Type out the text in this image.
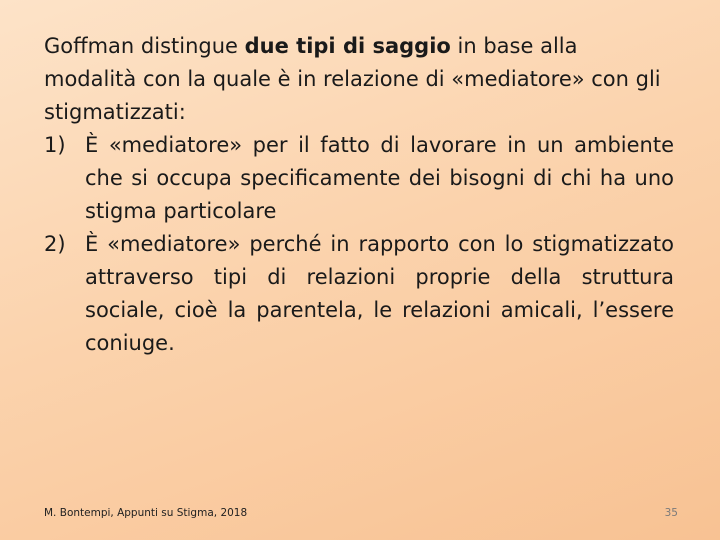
Goffman distingue due tipi di saggio in base alla modalità con la quale è in relazione di «mediatore» con gli stigmatizzati:

1) È «mediatore» per il fatto di lavorare in un ambiente che si occupa specificamente dei bisogni di chi ha uno stigma particolare
2) È «mediatore» perché in rapporto con lo stigmatizzato attraverso tipi di relazioni proprie della struttura sociale, cioè la parentela, le relazioni amicali, l’essere coniuge.
M. Bontempi, Appunti su Stigma, 2018	35
